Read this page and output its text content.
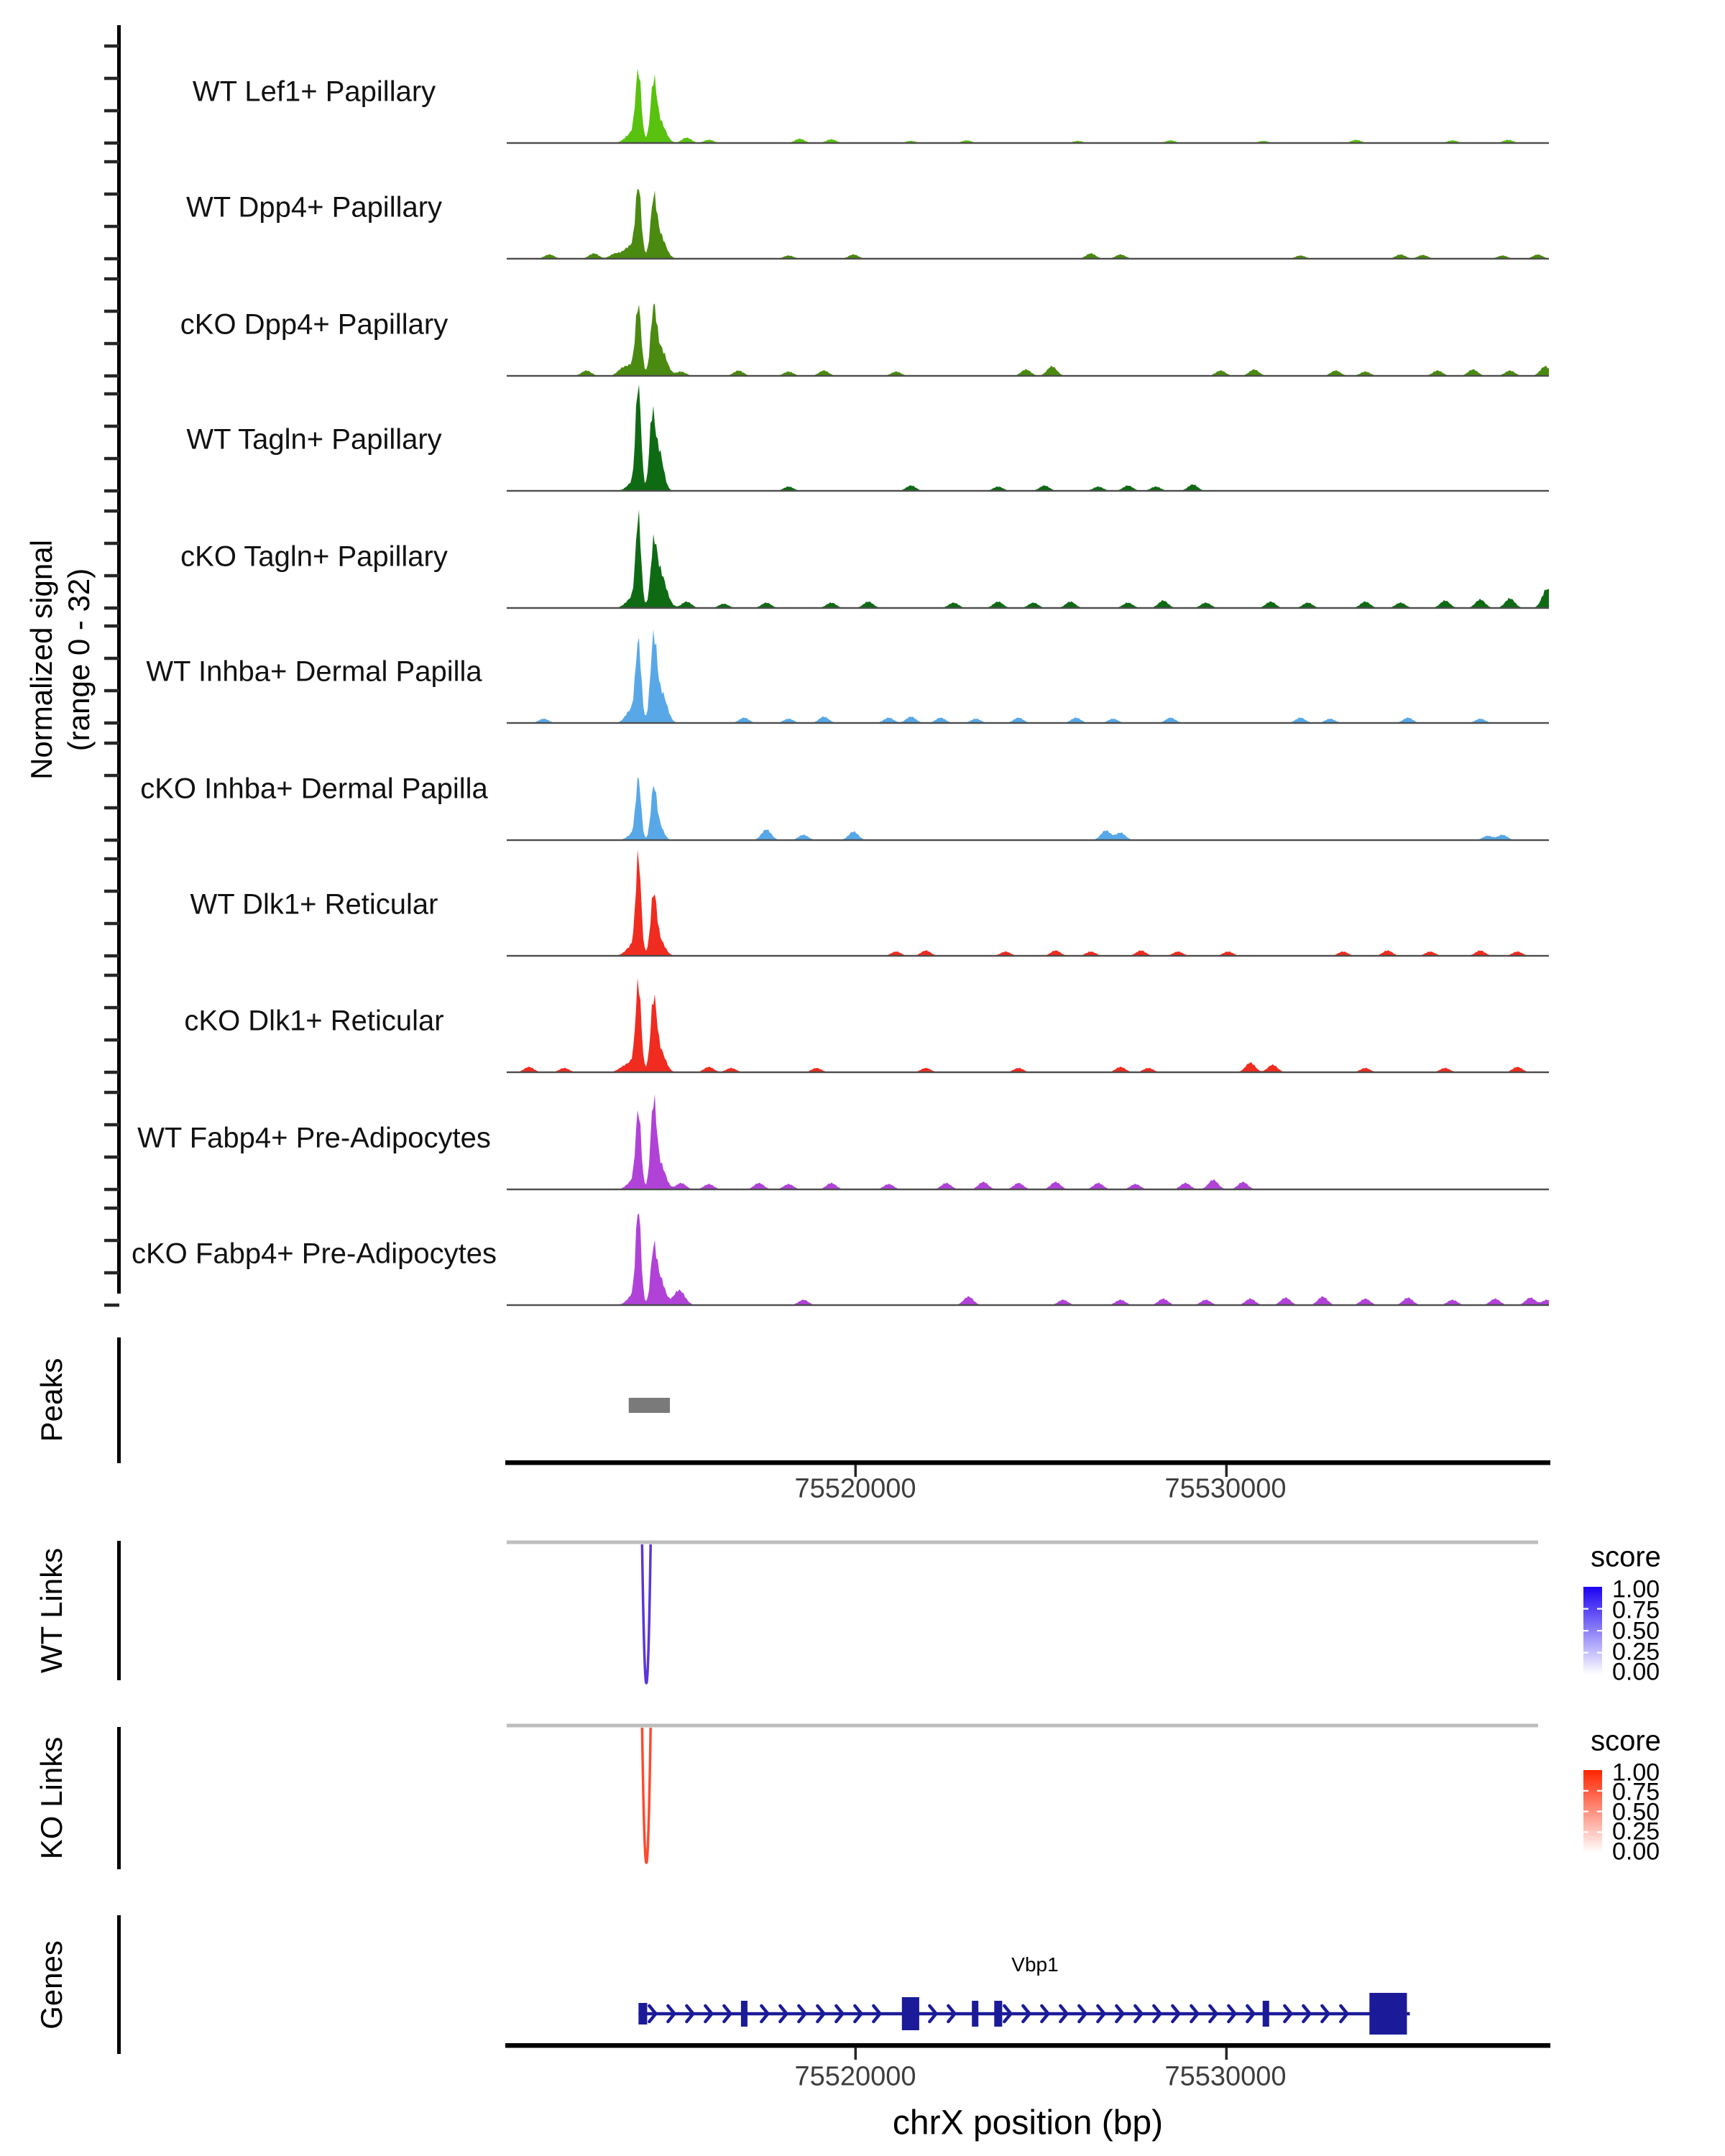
Normalized signal (range 0 - 32)
Peaks
WT Links
KO Links
Genes
WT Lef1+ Papillary
WT Dpp4+ Papillary
cKO Dpp4+ Papillary
WT Tagln+ Papillary
cKO Tagln+ Papillary
WT Inhba+ Dermal Papilla
cKO Inhba+ Dermal Papilla
WT Dlk1+ Reticular
cKO Dlk1+ Reticular
WT Fabp4+ Pre-Adipocytes
cKO Fabp4+ Pre-Adipocytes
75520000	75530000
score
1.00
0.75
0.50
0.25
0.00
score
1.00
0.75
0.50
0.25
0.00
Vbp1
75520000	75530000
chrX position (bp)
